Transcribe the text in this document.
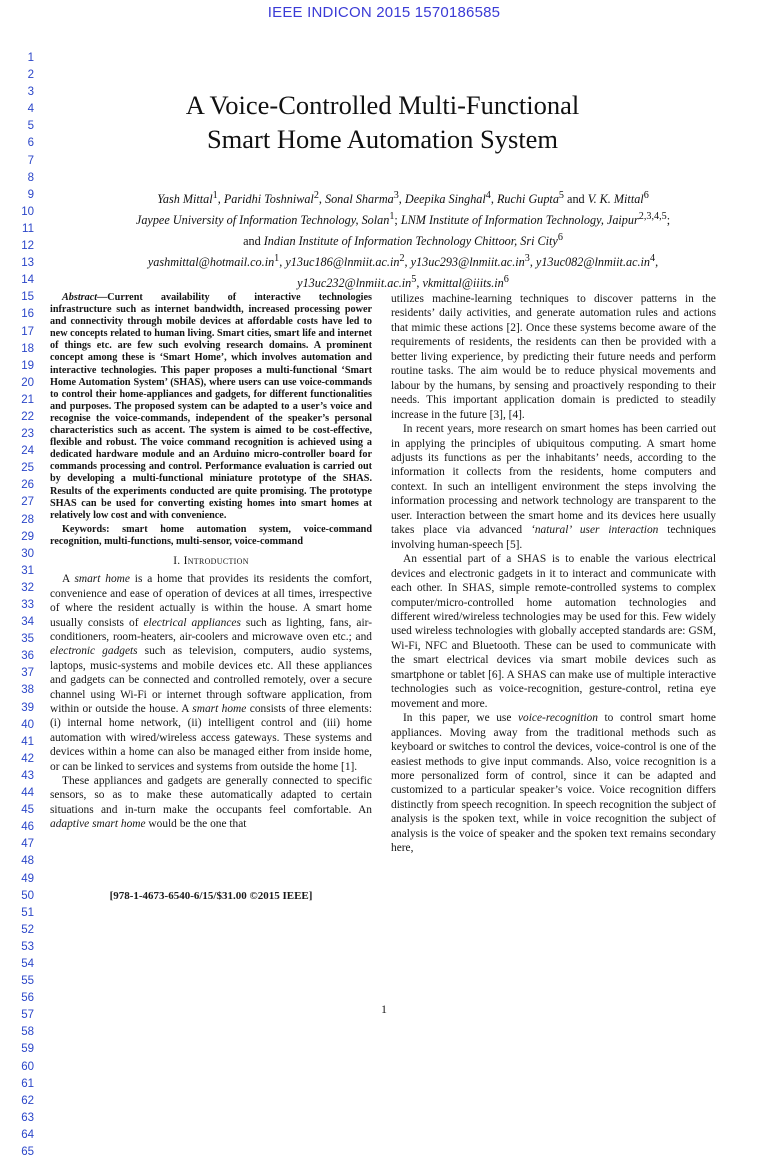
IEEE INDICON 2015 1570186585
1
2
3
4
5
6
7
8
9
10
11
12
13
14
15
16
17
18
19
20
21
22
23
24
25
26
27
28
29
30
31
32
33
34
35
36
37
38
39
40
41
42
43
44
45
46
47
48
49
50
51
52
53
54
55
56
57
58
59
60
61
62
63
64
65
A Voice-Controlled Multi-Functional
Smart Home Automation System
Yash Mittal$^1$, Paridhi Toshniwal$^2$, Sonal Sharma$^3$, Deepika Singhal$^4$, Ruchi Gupta$^5$ and V. K. Mittal$^6$
Jaypee University of Information Technology, Solan$^1$; LNM Institute of Information Technology, Jaipur$^{2,3,4,5}$;
and Indian Institute of Information Technology Chittoor, Sri City$^6$
$yashmittal@hotmail.co.in^1$, $y13uc186@lnmiit.ac.in^2$, $y13uc293@lnmiit.ac.in^3$, $y13uc082@lnmiit.ac.in^4$,
$y13uc232@lnmiit.ac.in^5$, $vkmittal@iiits.in^6$

Abstract—Current availability of interactive technologies infrastructure such as internet bandwidth, increased processing power and connectivity through mobile devices at affordable costs have led to new concepts related to human living. Smart cities, smart life and internet of things etc. are few such evolving research domains. A prominent concept among these is ‘Smart Home’, which involves automation and interactive technologies. This paper proposes a multi-functional ‘Smart Home Automation System’ (SHAS), where users can use voice-commands to control their home-appliances and gadgets, for different functionalities and purposes. The proposed system can be adapted to a user’s voice and recognise the voice-commands, independent of the speaker’s personal characteristics such as accent. The system is aimed to be cost-effective, flexible and robust. The voice command recognition is achieved using a dedicated hardware module and an Arduino micro-controller board for commands processing and control. Performance evaluation is carried out by developing a multi-functional miniature prototype of the SHAS. Results of the experiments conducted are quite promising. The prototype SHAS can be used for converting existing homes into smart homes at relatively low cost and with convenience.

Keywords: smart home automation system, voice-command recognition, multi-functions, multi-sensor, voice-command

I. Introduction

A smart home is a home that provides its residents the comfort, convenience and ease of operation of devices at all times, irrespective of where the resident actually is within the house. A smart home usually consists of electrical appliances such as lighting, fans, air-conditioners, room-heaters, air-coolers and microwave oven etc.; and electronic gadgets such as television, computers, audio systems, laptops, music-systems and mobile devices etc. All these appliances and gadgets can be connected and controlled remotely, over a secure channel using Wi-Fi or internet through software application, from within or outside the house. A smart home consists of three elements: (i) internal home network, (ii) intelligent control and (iii) home automation with wired/wireless access gateways. These systems and devices within a home can also be managed either from inside home, or can be linked to services and systems from outside the home [1].

These appliances and gadgets are generally connected to specific sensors, so as to make these automatically adapted to certain situations and in-turn make the occupants feel comfortable. An adaptive smart home would be the one that

[978-1-4673-6540-6/15/$31.00 ©2015 IEEE]

utilizes machine-learning techniques to discover patterns in the residents’ daily activities, and generate automation rules and actions that mimic these actions [2]. Once these systems become aware of the requirements of residents, the residents can then be provided with a better living experience, by predicting their future needs and perform routine tasks. The aim would be to reduce physical movements and labour by the humans, by sensing and proactively responding to their needs. This important application domain is predicted to steadily increase in the future [3], [4].

In recent years, more research on smart homes has been carried out in applying the principles of ubiquitous computing. A smart home adjusts its functions as per the inhabitants’ needs, according to the information it collects from the residents, home computers and context. In such an intelligent environment the steps involving the information processing and network technology are transparent to the user. Interaction between the smart home and its devices here usually takes place via advanced ‘natural’ user interaction techniques involving human-speech [5].

An essential part of a SHAS is to enable the various electrical devices and electronic gadgets in it to interact and communicate with each other. In SHAS, simple remote-controlled systems to complex computer/micro-controlled home automation technologies and different wired/wireless technologies may be used for this. Few widely used wireless technologies with globally accepted standards are: GSM, Wi-Fi, NFC and Bluetooth. These can be used to communicate with the smart electrical devices via smart mobile devices such as smartphone or tablet [6]. A SHAS can make use of multiple interactive technologies such as voice-recognition, gesture-control, retina eye movement and more.

In this paper, we use voice-recognition to control smart home appliances. Moving away from the traditional methods such as keyboard or switches to control the devices, voice-control is one of the easiest methods to give input commands. Also, voice recognition is a more personalized form of control, since it can be adapted and customized to a particular speaker’s voice. Voice recognition differs distinctly from speech recognition. In speech recognition the subject of analysis is the spoken text, while in voice recognition the subject of analysis is the voice of speaker and the spoken text remains secondary here,

1
